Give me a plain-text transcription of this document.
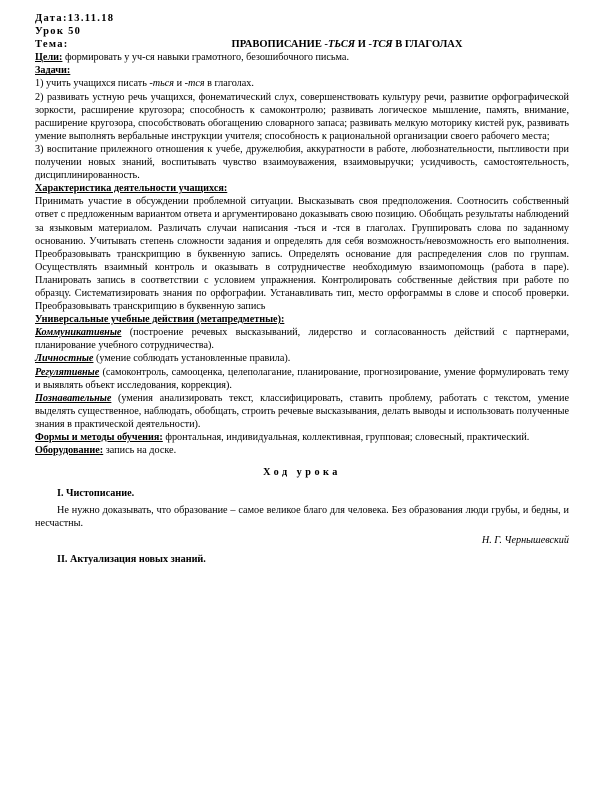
Дата:13.11.18

Урок 50

Тема:	ПРАВОПИСАНИЕ -ТЬСЯ И -ТСЯ В ГЛАГОЛАХ

Цели: формировать у уч-ся навыки грамотного, безошибочного письма.

Задачи:

1) учить учащихся писать -ться и -тся в глаголах.

2) развивать устную речь учащихся, фонематический слух, совершенствовать культуру речи, развитие орфографической зоркости, расширение кругозора; способность к самоконтролю; развивать логическое мышление, память, внимание, расширение кругозора, способствовать обогащению словарного запаса; развивать мелкую моторику кистей рук, развивать умение выполнять вербальные инструкции учителя; способность к рациональной организации своего рабочего места;

3) воспитание прилежного отношения к учебе, дружелюбия, аккуратности в работе, любознательности, пытливости при получении новых знаний, воспитывать чувство взаимоуважения, взаимовыручки; усидчивость, самостоятельность, дисциплинированность.

Характеристика деятельности учащихся:

Принимать участие в обсуждении проблемной ситуации. Высказывать своя предположения. Соотносить собственный ответ с предложенным вариантом ответа и аргументировано доказывать свою позицию. Обобщать результаты наблюдений за языковым материалом. Различать случаи написания -ться и -тся в глаголах. Группировать слова по заданному основанию. Учитывать степень сложности задания и определять для себя возможность/невозможность его выполнения. Преобразовывать транскрипцию в буквенную запись. Определять основание для распределения слов по группам. Осуществлять взаимный контроль и оказывать в сотрудничестве необходимую взаимопомощь (работа в паре). Планировать запись в соответствии с условием упражнения. Контролировать собственные действия при работе по образцу. Систематизировать знания по орфографии. Устанавливать тип, место орфограммы в слове и способ проверки. Преобразовывать транскрипцию в буквенную запись

Универсальные учебные действия (метапредметные):

Коммуникативные (построение речевых высказываний, лидерство и согласованность действий с партнерами, планирование учебного сотрудничества).

Личностные (умение соблюдать установленные правила).

Регулятивные (самоконтроль, самооценка, целеполагание, планирование, прогнозирование, умение формулировать тему и выявлять объект исследования, коррекция).

Познавательные (умения анализировать текст, классифицировать, ставить проблему, работать с текстом, умение выделять существенное, наблюдать, обобщать, строить речевые высказывания, делать выводы и использовать полученные знания в практической деятельности).

Формы и методы обучения: фронтальная, индивидуальная, коллективная, групповая; словесный, практический.

Оборудование: запись на доске.

Ход урока

I. Чистописание.

Не нужно доказывать, что образование – самое великое благо для человека. Без образования люди грубы, и бедны, и несчастны.

Н. Г. Чернышевский

II. Актуализация новых знаний.
